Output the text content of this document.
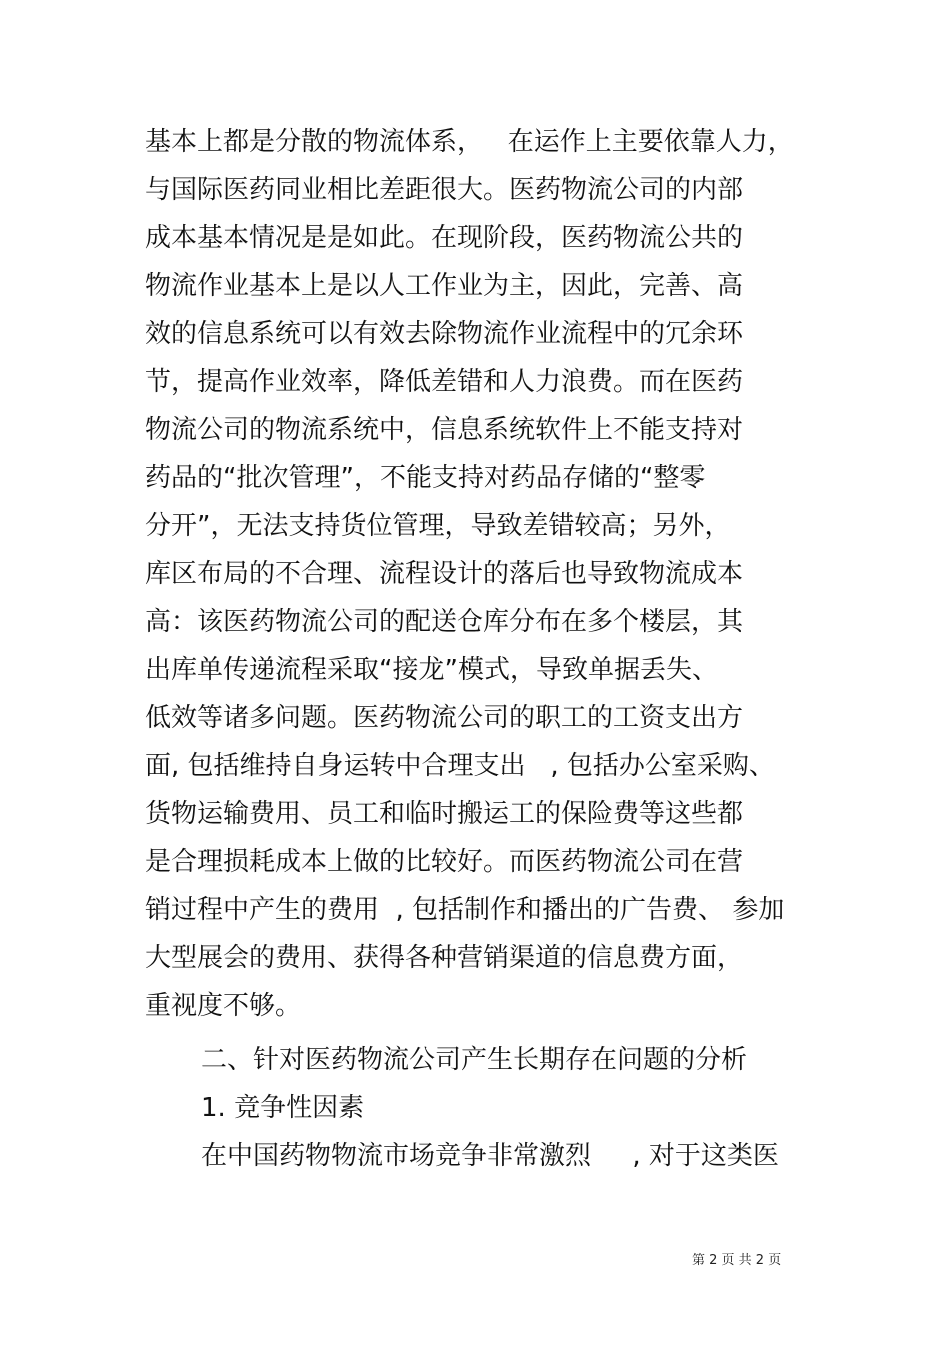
基本上都是分散的物流体系，   在运作上主要依靠人力，
与国际医药同业相比差距很大。医药物流公司的内部
成本基本情况是是如此。在现阶段，医药物流公共的
物流作业基本上是以人工作业为主，因此，完善、高
效的信息系统可以有效去除物流作业流程中的冗余环
节，提高作业效率，降低差错和人力浪费。而在医药
物流公司的物流系统中，信息系统软件上不能支持对
药品的“批次管理”，不能支持对药品存储的“整零
分开”，无法支持货位管理，导致差错较高；另外，
库区布局的不合理、流程设计的落后也导致物流成本
高：该医药物流公司的配送仓库分布在多个楼层，其
出库单传递流程采取“接龙”模式，导致单据丢失、
低效等诸多问题。医药物流公司的职工的工资支出方
面, 包括维持自身运转中合理支出   , 包括办公室采购、
货物运输费用、员工和临时搬运工的保险费等这些都
是合理损耗成本上做的比较好。而医药物流公司在营
销过程中产生的费用  , 包括制作和播出的广告费、 参加
大型展会的费用、获得各种营销渠道的信息费方面，
重视度不够。
二、针对医药物流公司产生长期存在问题的分析
1. 竞争性因素
在中国药物物流市场竞争非常激烈     , 对于这类医
第 2 页 共 2 页
